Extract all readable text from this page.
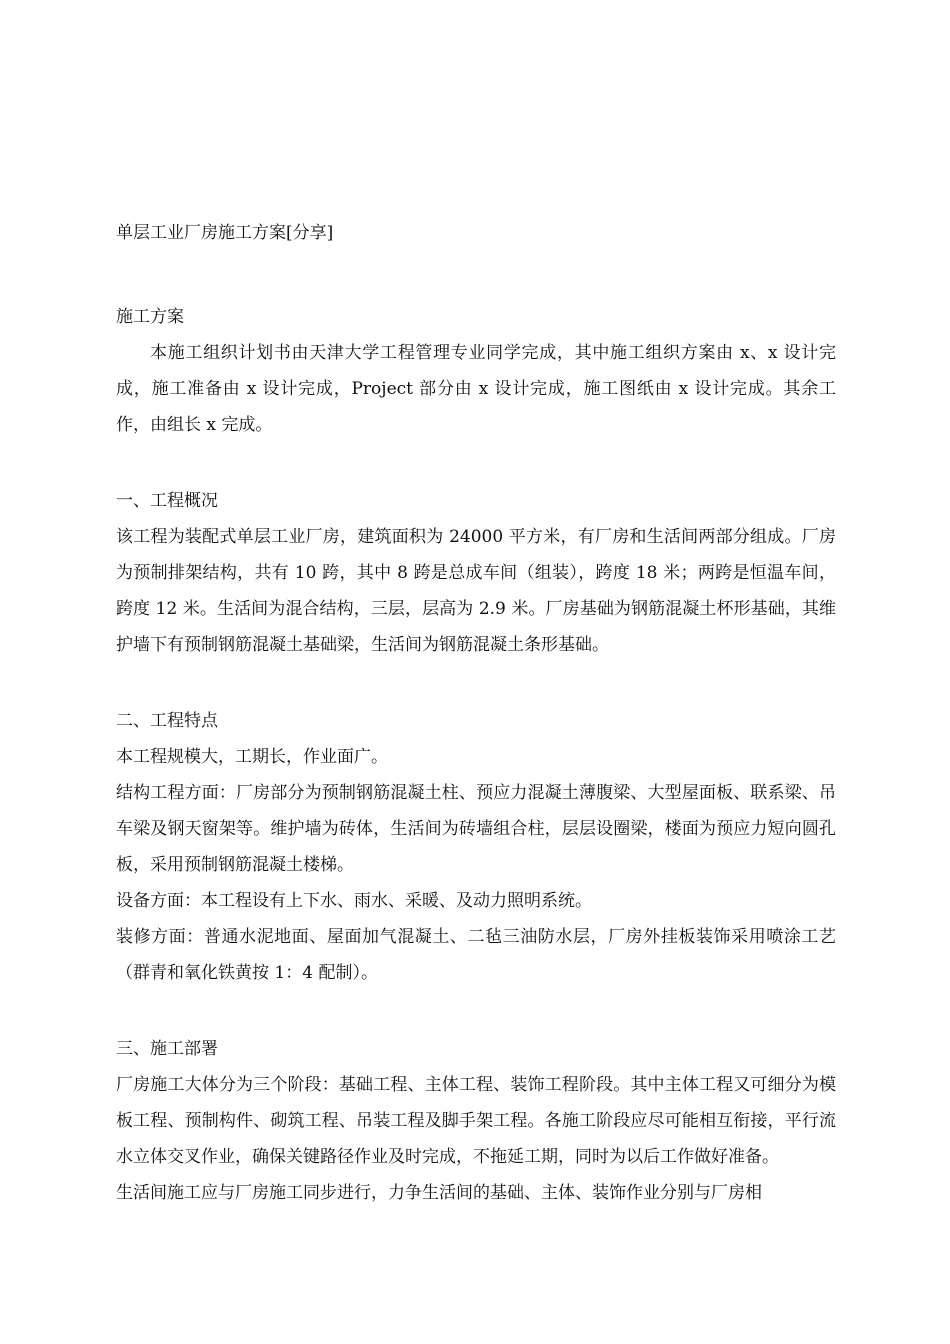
单层工业厂房施工方案[分享]
施工方案

本施工组织计划书由天津大学工程管理专业同学完成，其中施工组织方案由 x、x 设计完成，施工准备由 x 设计完成，Project 部分由 x 设计完成，施工图纸由 x 设计完成。其余工作，由组长 x 完成。

一、工程概况

该工程为装配式单层工业厂房，建筑面积为 24000 平方米，有厂房和生活间两部分组成。厂房为预制排架结构，共有 10 跨，其中 8 跨是总成车间（组装），跨度 18 米；两跨是恒温车间，跨度 12 米。生活间为混合结构，三层，层高为 2.9 米。厂房基础为钢筋混凝土杯形基础，其维护墙下有预制钢筋混凝土基础梁，生活间为钢筋混凝土条形基础。

二、工程特点

本工程规模大，工期长，作业面广。

结构工程方面：厂房部分为预制钢筋混凝土柱、预应力混凝土薄腹梁、大型屋面板、联系梁、吊车梁及钢天窗架等。维护墙为砖体，生活间为砖墙组合柱，层层设圈梁，楼面为预应力短向圆孔板，采用预制钢筋混凝土楼梯。

设备方面：本工程设有上下水、雨水、采暖、及动力照明系统。

装修方面：普通水泥地面、屋面加气混凝土、二毡三油防水层，厂房外挂板装饰采用喷涂工艺（群青和氧化铁黄按 1：4 配制）。

三、施工部署

厂房施工大体分为三个阶段：基础工程、主体工程、装饰工程阶段。其中主体工程又可细分为模板工程、预制构件、砌筑工程、吊装工程及脚手架工程。各施工阶段应尽可能相互衔接，平行流水立体交叉作业，确保关键路径作业及时完成，不拖延工期，同时为以后工作做好准备。

生活间施工应与厂房施工同步进行，力争生活间的基础、主体、装饰作业分别与厂房相
